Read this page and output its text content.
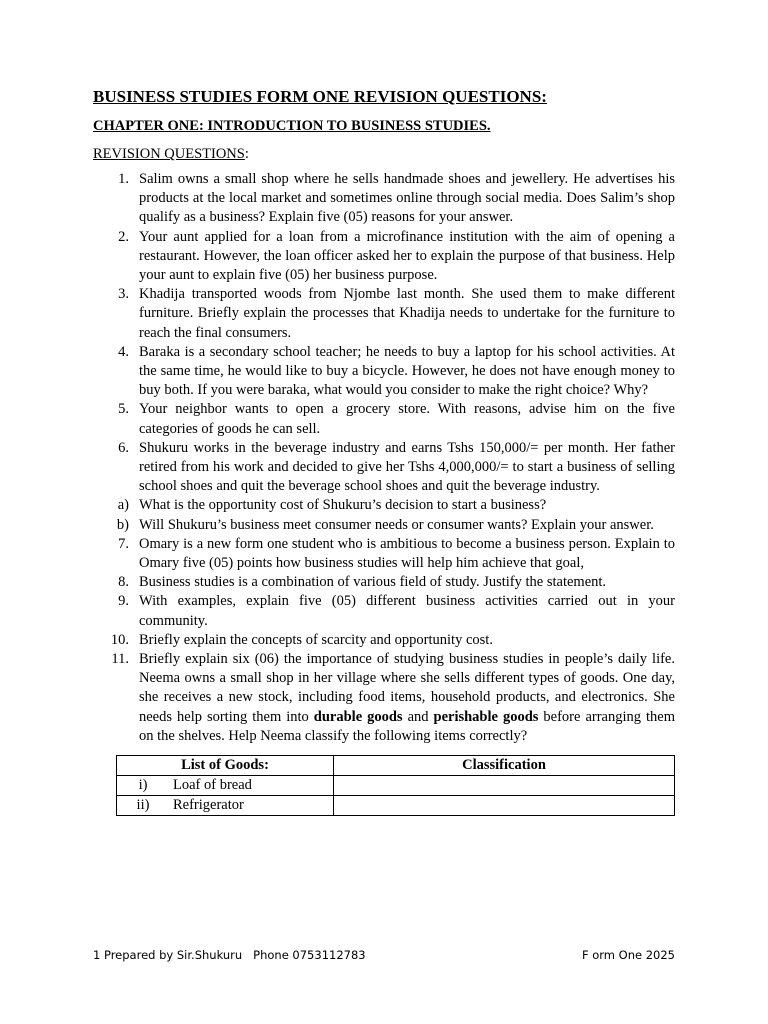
BUSINESS STUDIES FORM ONE REVISION QUESTIONS:
CHAPTER ONE: INTRODUCTION TO BUSINESS STUDIES.
REVISION QUESTIONS:
1. Salim owns a small shop where he sells handmade shoes and jewellery. He advertises his products at the local market and sometimes online through social media. Does Salim’s shop qualify as a business? Explain five (05) reasons for your answer.
2. Your aunt applied for a loan from a microfinance institution with the aim of opening a restaurant. However, the loan officer asked her to explain the purpose of that business. Help your aunt to explain five (05) her business purpose.
3. Khadija transported woods from Njombe last month. She used them to make different furniture. Briefly explain the processes that Khadija needs to undertake for the furniture to reach the final consumers.
4. Baraka is a secondary school teacher; he needs to buy a laptop for his school activities. At the same time, he would like to buy a bicycle. However, he does not have enough money to buy both. If you were baraka, what would you consider to make the right choice? Why?
5. Your neighbor wants to open a grocery store. With reasons, advise him on the five categories of goods he can sell.
6. Shukuru works in the beverage industry and earns Tshs 150,000/= per month. Her father retired from his work and decided to give her Tshs 4,000,000/= to start a business of selling school shoes and quit the beverage school shoes and quit the beverage industry.
a) What is the opportunity cost of Shukuru’s decision to start a business?
b) Will Shukuru’s business meet consumer needs or consumer wants? Explain your answer.
7. Omary is a new form one student who is ambitious to become a business person. Explain to Omary five (05) points how business studies will help him achieve that goal,
8. Business studies is a combination of various field of study. Justify the statement.
9. With examples, explain five (05) different business activities carried out in your community.
10. Briefly explain the concepts of scarcity and opportunity cost.
11. Briefly explain six (06) the importance of studying business studies in people’s daily life. Neema owns a small shop in her village where she sells different types of goods. One day, she receives a new stock, including food items, household products, and electronics. She needs help sorting them into durable goods and perishable goods before arranging them on the shelves. Help Neema classify the following items correctly?
List of Goods:	Classification
i) Loaf of bread	
ii) Refrigerator	
1 Prepared by Sir.Shukuru   Phone 0753112783	F orm One 2025
